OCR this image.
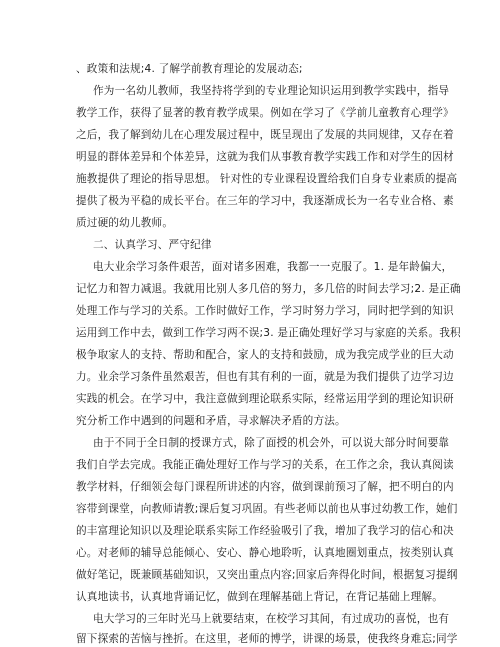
、政策和法规;4. 了解学前教育理论的发展动态;
作为一名幼儿教师，我坚持将学到的专业理论知识运用到教学实践中，指导
教学工作，获得了显著的教育教学成果。例如在学习了《学前儿童教育心理学》
之后，我了解到幼儿在心理发展过程中，既呈现出了发展的共同规律，又存在着
明显的群体差异和个体差异，这就为我们从事教育教学实践工作和对学生的因材
施教提供了理论的指导思想。 针对性的专业课程设置给我们自身专业素质的提高
提供了极为平稳的成长平台。在三年的学习中，我逐渐成长为一名专业合格、素
质过硬的幼儿教师。
二、认真学习、严守纪律
电大业余学习条件艰苦，面对诸多困难，我都一一克服了。1. 是年龄偏大，
记忆力和智力减退。我就用比别人多几倍的努力，多几倍的时间去学习;2. 是正确
处理工作与学习的关系。工作时做好工作，学习时努力学习，同时把学到的知识
运用到工作中去，做到工作学习两不误;3. 是正确处理好学习与家庭的关系。我积
极争取家人的支持、帮助和配合，家人的支持和鼓励，成为我完成学业的巨大动
力。业余学习条件虽然艰苦，但也有其有利的一面，就是为我们提供了边学习边
实践的机会。在学习中，我注意做到理论联系实际，经常运用学到的理论知识研
究分析工作中遇到的问题和矛盾，寻求解决矛盾的方法。
由于不同于全日制的授课方式，除了面授的机会外，可以说大部分时间要靠
我们自学去完成。我能正确处理好工作与学习的关系，在工作之余，我认真阅读
教学材料，仔细领会每门课程所讲述的内容，做到课前预习了解，把不明白的内
容带到课堂，向教师请教;课后复习巩固。有些老师以前也从事过幼教工作，她们
的丰富理论知识以及理论联系实际工作经验吸引了我，增加了我学习的信心和决
心。对老师的辅导总能倾心、安心、静心地聆听，认真地圈划重点，按类别认真
做好笔记，既兼顾基础知识，又突出重点内容;回家后奔得化时间，根据复习提纲
认真地读书，认真地背诵记忆，做到在理解基础上背记，在背记基础上理解。
电大学习的三年时光马上就要结束，在校学习其间，有过成功的喜悦，也有
留下探索的苦恼与挫折。在这里，老师的博学，讲课的场景，使我终身难忘;同学
